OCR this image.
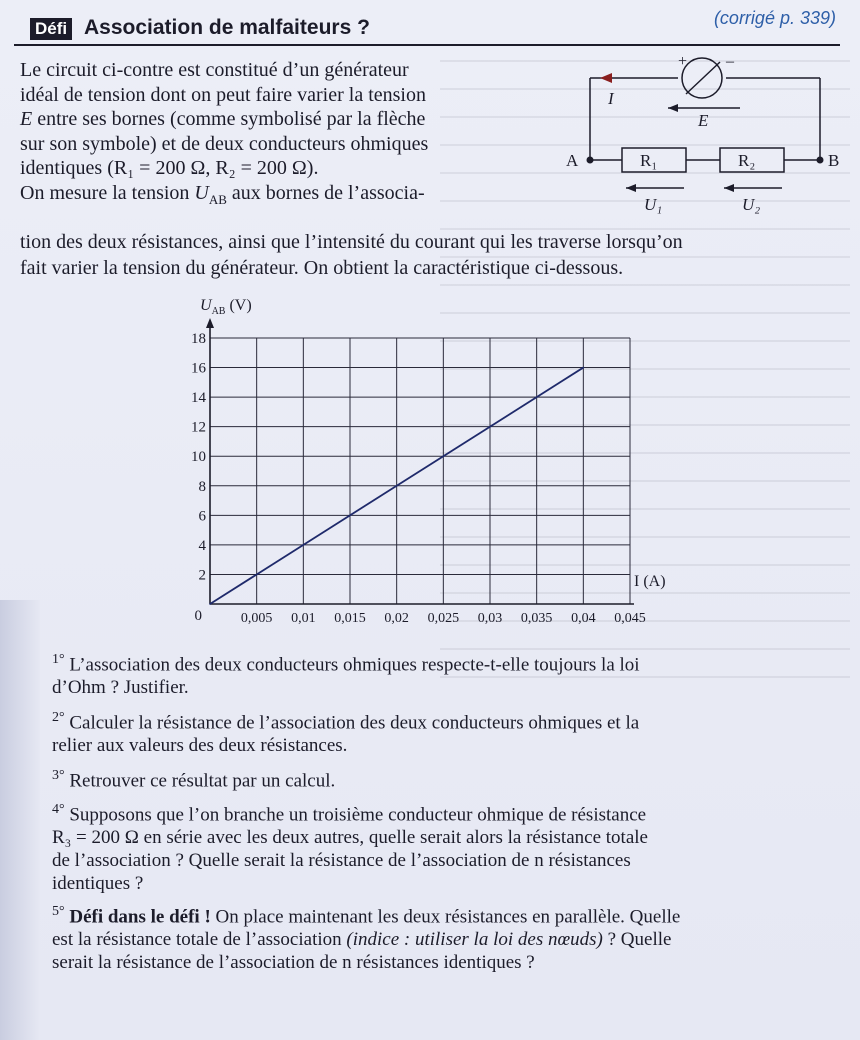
Défi Association de malfaiteurs ?	(corrigé p. 339)
Le circuit ci-contre est constitué d’un générateur
idéal de tension dont on peut faire varier la tension
E entre ses bornes (comme symbolisé par la flèche
sur son symbole) et de deux conducteurs ohmiques
identiques (R₁ = 200 Ω, R₂ = 200 Ω).
On mesure la tension $U_{AB}$ aux bornes de l’associa-
tion des deux résistances, ainsi que l’intensité du courant qui les traverse lorsqu’on
fait varier la tension du générateur. On obtient la caractéristique ci-dessous.
+ –
E
I
R₁	R₂
A	B
U₁	U₂
0,005 0,01 0,015 0,02 0,025 0,03 0,035 0,04 0,045
2
4
6
8
10
12
14
16
18
0
$U_{AB}$ (V)
I (A)
$^{1^\circ}$ L’association des deux conducteurs ohmiques respecte-t-elle toujours la loi
d’Ohm ? Justifier.
$^{2^\circ}$ Calculer la résistance de l’association des deux conducteurs ohmiques et la
relier aux valeurs des deux résistances.
$^{3^\circ}$ Retrouver ce résultat par un calcul.
$^{4^\circ}$ Supposons que l’on branche un troisième conducteur ohmique de résistance
R₃ = 200 Ω en série avec les deux autres, quelle serait alors la résistance totale
de l’association ? Quelle serait la résistance de l’association de n résistances
identiques ?
$^{5^\circ}$ Défi dans le défi ! On place maintenant les deux résistances en parallèle. Quelle
est la résistance totale de l’association (indice : utiliser la loi des nœuds) ? Quelle
serait la résistance de l’association de n résistances identiques ?
